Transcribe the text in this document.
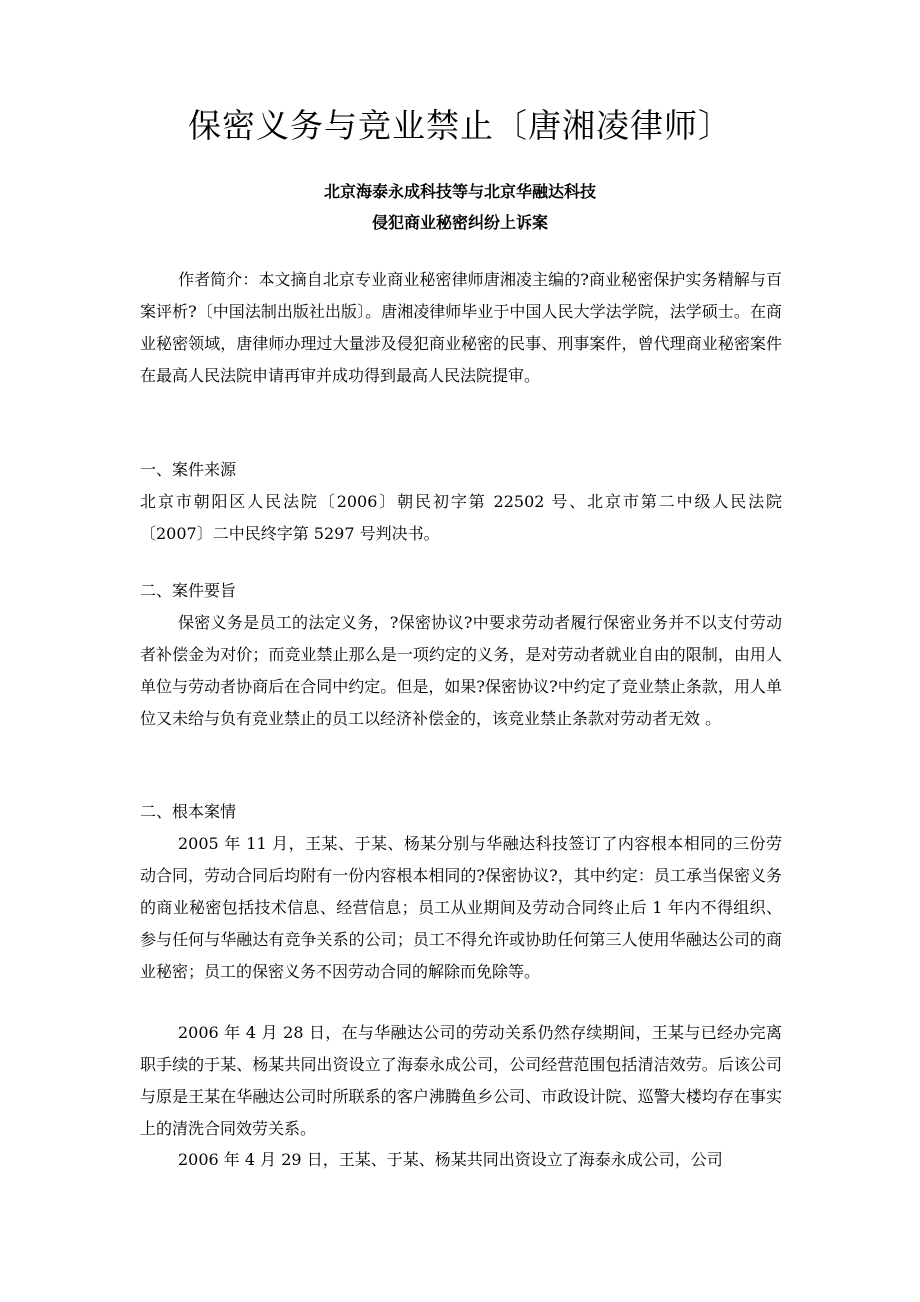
保密义务与竞业禁止〔唐湘凌律师〕
北京海泰永成科技等与北京华融达科技
侵犯商业秘密纠纷上诉案

作者简介：本文摘自北京专业商业秘密律师唐湘凌主编的?商业秘密保护实务精解与百案评析?〔中国法制出版社出版〕。唐湘凌律师毕业于中国人民大学法学院，法学硕士。在商业秘密领域，唐律师办理过大量涉及侵犯商业秘密的民事、刑事案件，曾代理商业秘密案件在最高人民法院申请再审并成功得到最高人民法院提审。

一、案件来源

北京市朝阳区人民法院〔2006〕朝民初字第 22502 号、北京市第二中级人民法院〔2007〕二中民终字第 5297 号判决书。

二、案件要旨

保密义务是员工的法定义务，?保密协议?中要求劳动者履行保密业务并不以支付劳动者补偿金为对价；而竞业禁止那么是一项约定的义务，是对劳动者就业自由的限制，由用人单位与劳动者协商后在合同中约定。但是，如果?保密协议?中约定了竞业禁止条款，用人单位又未给与负有竞业禁止的员工以经济补偿金的，该竞业禁止条款对劳动者无效 。

二、根本案情

2005 年 11 月，王某、于某、杨某分别与华融达科技签订了内容根本相同的三份劳动合同，劳动合同后均附有一份内容根本相同的?保密协议?，其中约定：员工承当保密义务的商业秘密包括技术信息、经营信息；员工从业期间及劳动合同终止后 1 年内不得组织、参与任何与华融达有竞争关系的公司；员工不得允许或协助任何第三人使用华融达公司的商业秘密；员工的保密义务不因劳动合同的解除而免除等。

2006 年 4 月 28 日，在与华融达公司的劳动关系仍然存续期间，王某与已经办完离职手续的于某、杨某共同出资设立了海泰永成公司，公司经营范围包括清洁效劳。后该公司与原是王某在华融达公司时所联系的客户沸腾鱼乡公司、市政设计院、巡警大楼均存在事实上的清洗合同效劳关系。

2006 年 4 月 29 日，王某、于某、杨某共同出资设立了海泰永成公司，公司
